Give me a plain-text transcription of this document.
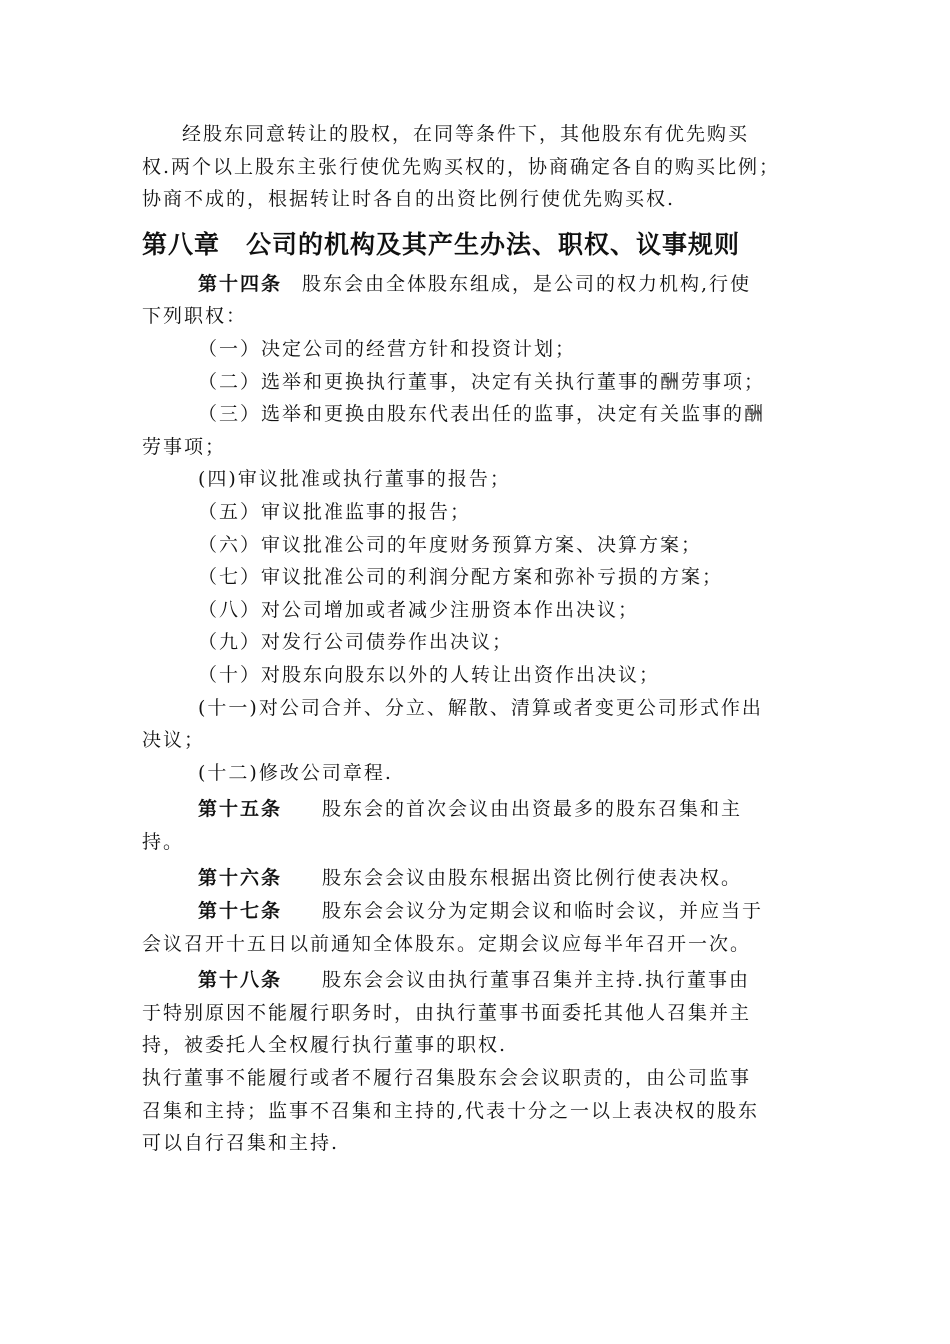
经股东同意转让的股权，在同等条件下，其他股东有优先购买
权.两个以上股东主张行使优先购买权的，协商确定各自的购买比例；
协商不成的，根据转让时各自的出资比例行使优先购买权.
第八章　公司的机构及其产生办法、职权、议事规则
第十四条 股东会由全体股东组成，是公司的权力机构,行使
下列职权：
（一）决定公司的经营方针和投资计划；
（二）选举和更换执行董事，决定有关执行董事的酬劳事项；
（三）选举和更换由股东代表出任的监事，决定有关监事的酬
劳事项；
(四)审议批准或执行董事的报告；
（五）审议批准监事的报告；
（六）审议批准公司的年度财务预算方案、决算方案；
（七）审议批准公司的利润分配方案和弥补亏损的方案；
（八）对公司增加或者减少注册资本作出决议；
（九）对发行公司债券作出决议；
（十）对股东向股东以外的人转让出资作出决议；
(十一)对公司合并、分立、解散、清算或者变更公司形式作出
决议；
(十二)修改公司章程.
第十五条 股东会的首次会议由出资最多的股东召集和主
持。
第十六条 股东会会议由股东根据出资比例行使表决权。
第十七条 股东会会议分为定期会议和临时会议，并应当于
会议召开十五日以前通知全体股东。定期会议应每半年召开一次。
第十八条 股东会会议由执行董事召集并主持.执行董事由
于特别原因不能履行职务时，由执行董事书面委托其他人召集并主
持，被委托人全权履行执行董事的职权.
执行董事不能履行或者不履行召集股东会会议职责的，由公司监事
召集和主持；监事不召集和主持的,代表十分之一以上表决权的股东
可以自行召集和主持.
